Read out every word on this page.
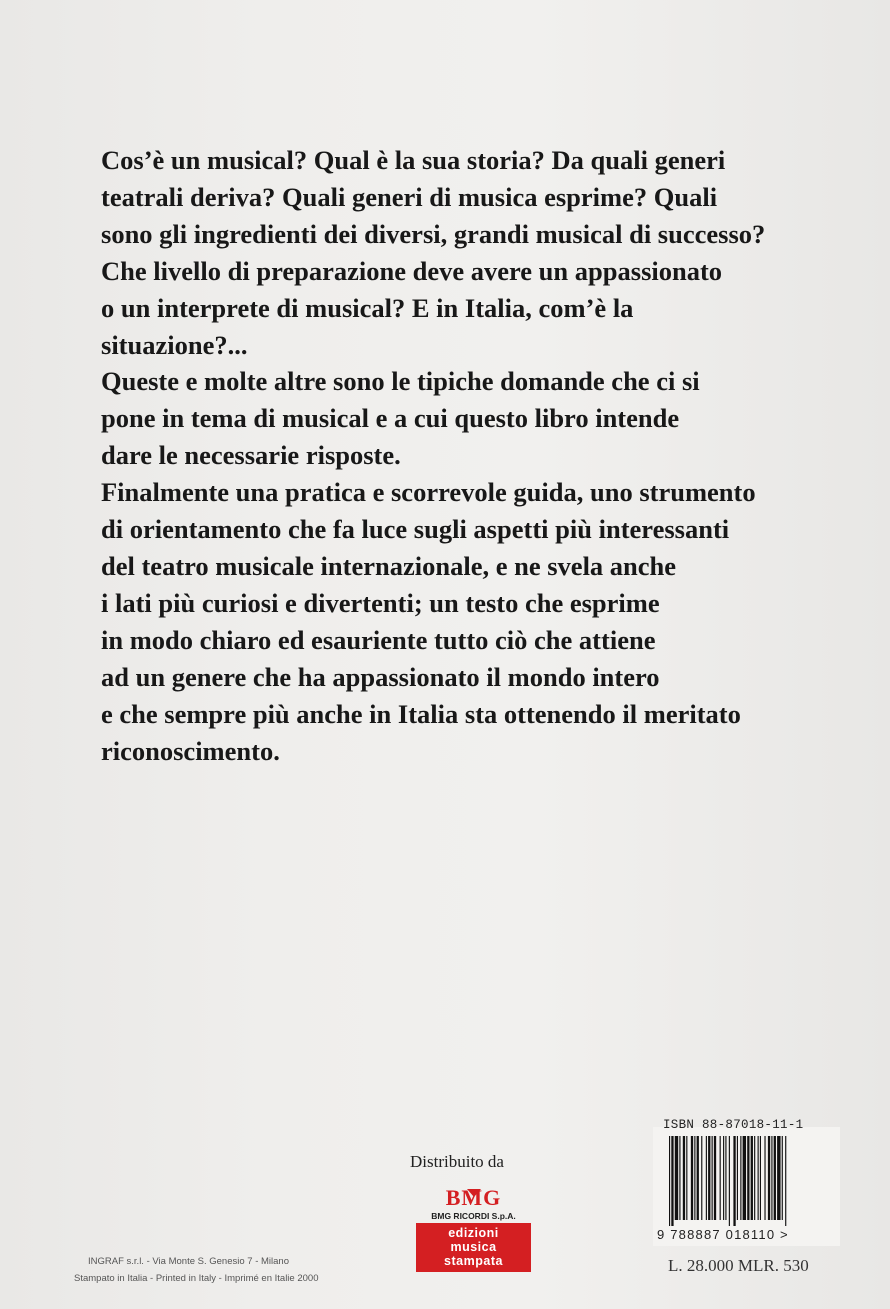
Cos’è un musical? Qual è la sua storia? Da quali generi
teatrali deriva? Quali generi di musica esprime? Quali
sono gli ingredienti dei diversi, grandi musical di successo?
Che livello di preparazione deve avere un appassionato
o un interprete di musical? E in Italia, com’è la
situazione?...
Queste e molte altre sono le tipiche domande che ci si
pone in tema di musical e a cui questo libro intende
dare le necessarie risposte.
Finalmente una pratica e scorrevole guida, uno strumento
di orientamento che fa luce sugli aspetti più interessanti
del teatro musicale internazionale, e ne svela anche
i lati più curiosi e divertenti; un testo che esprime
in modo chiaro ed esauriente tutto ciò che attiene
ad un genere che ha appassionato il mondo intero
e che sempre più anche in Italia sta ottenendo il meritato
riconoscimento.
Distribuito da
BMG
BMG RICORDI S.p.A.
edizioni
musica
stampata
INGRAF s.r.l. - Via Monte S. Genesio 7 - Milano
Stampato in Italia - Printed in Italy - Imprimé en Italie 2000
ISBN 88-87018-11-1
9 788887 018110 >
L. 28.000 MLR. 530
